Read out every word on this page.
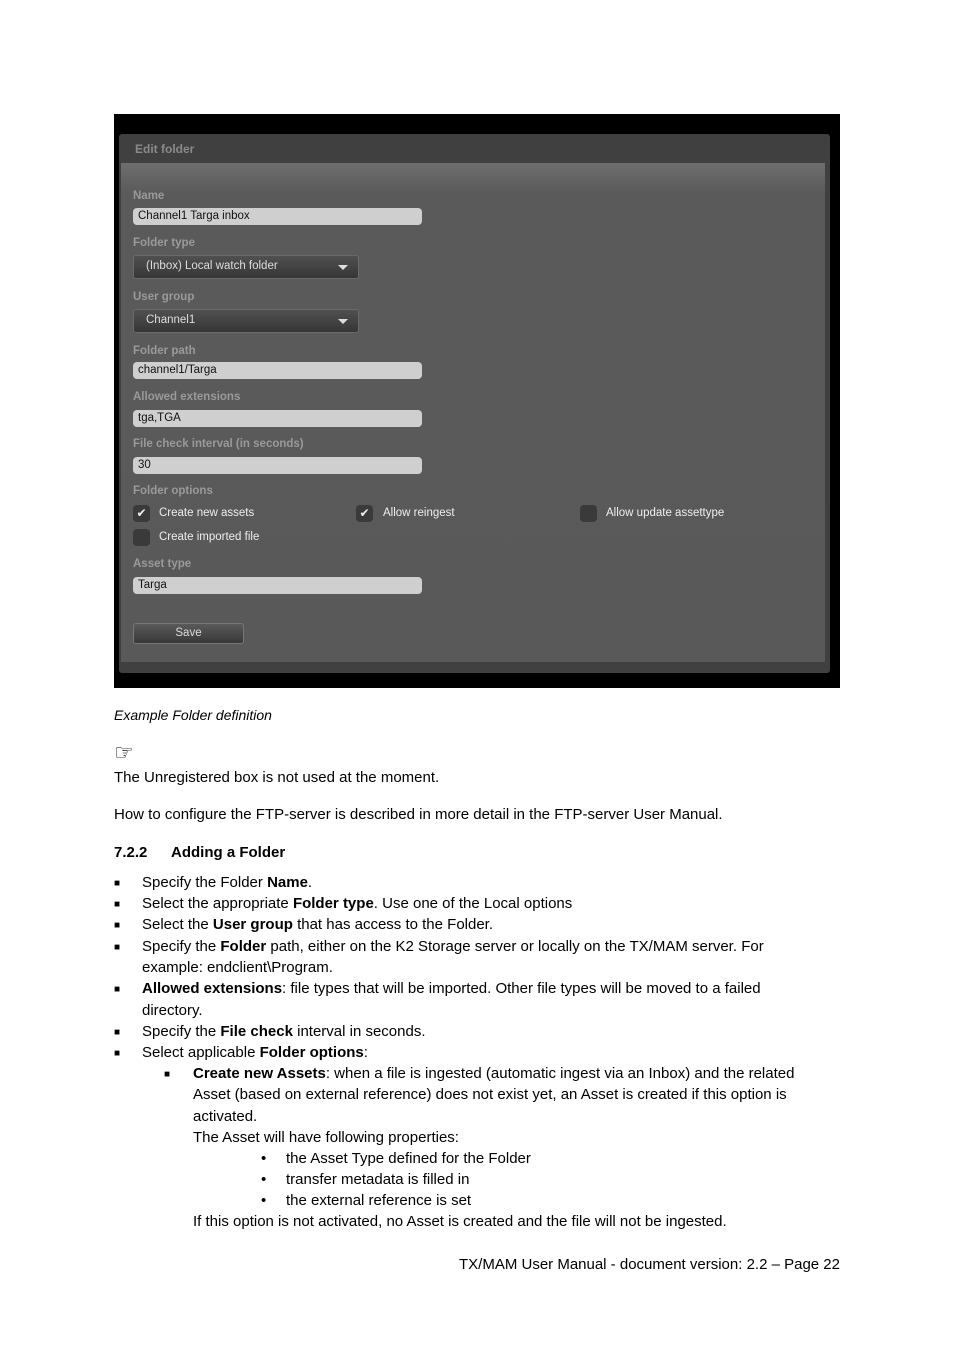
Edit folder
Name
Channel1 Targa inbox
Folder type
(Inbox) Local watch folder
User group
Channel1
Folder path
channel1/Targa
Allowed extensions
tga,TGA
File check interval (in seconds)
30
Folder options
✔	Create new assets	✔	Allow reingest	Allow update assettype
Create imported file
Asset type
Targa
Save
Example Folder definition
☞
The Unregistered box is not used at the moment.
How to configure the FTP-server is described in more detail in the FTP-server User Manual.
7.2.2 Adding a Folder
■ Specify the Folder Name.
■ Select the appropriate Folder type. Use one of the Local options
■ Select the User group that has access to the Folder.
■ Specify the Folder path, either on the K2 Storage server or locally on the TX/MAM server. For
example: endclient\Program.
■ Allowed extensions: file types that will be imported. Other file types will be moved to a failed
directory.
■ Specify the File check interval in seconds.
■ Select applicable Folder options:
■ Create new Assets: when a file is ingested (automatic ingest via an Inbox) and the related
Asset (based on external reference) does not exist yet, an Asset is created if this option is
activated.
The Asset will have following properties:
• the Asset Type defined for the Folder
• transfer metadata is filled in
• the external reference is set
If this option is not activated, no Asset is created and the file will not be ingested.
TX/MAM User Manual - document version: 2.2 – Page 22
